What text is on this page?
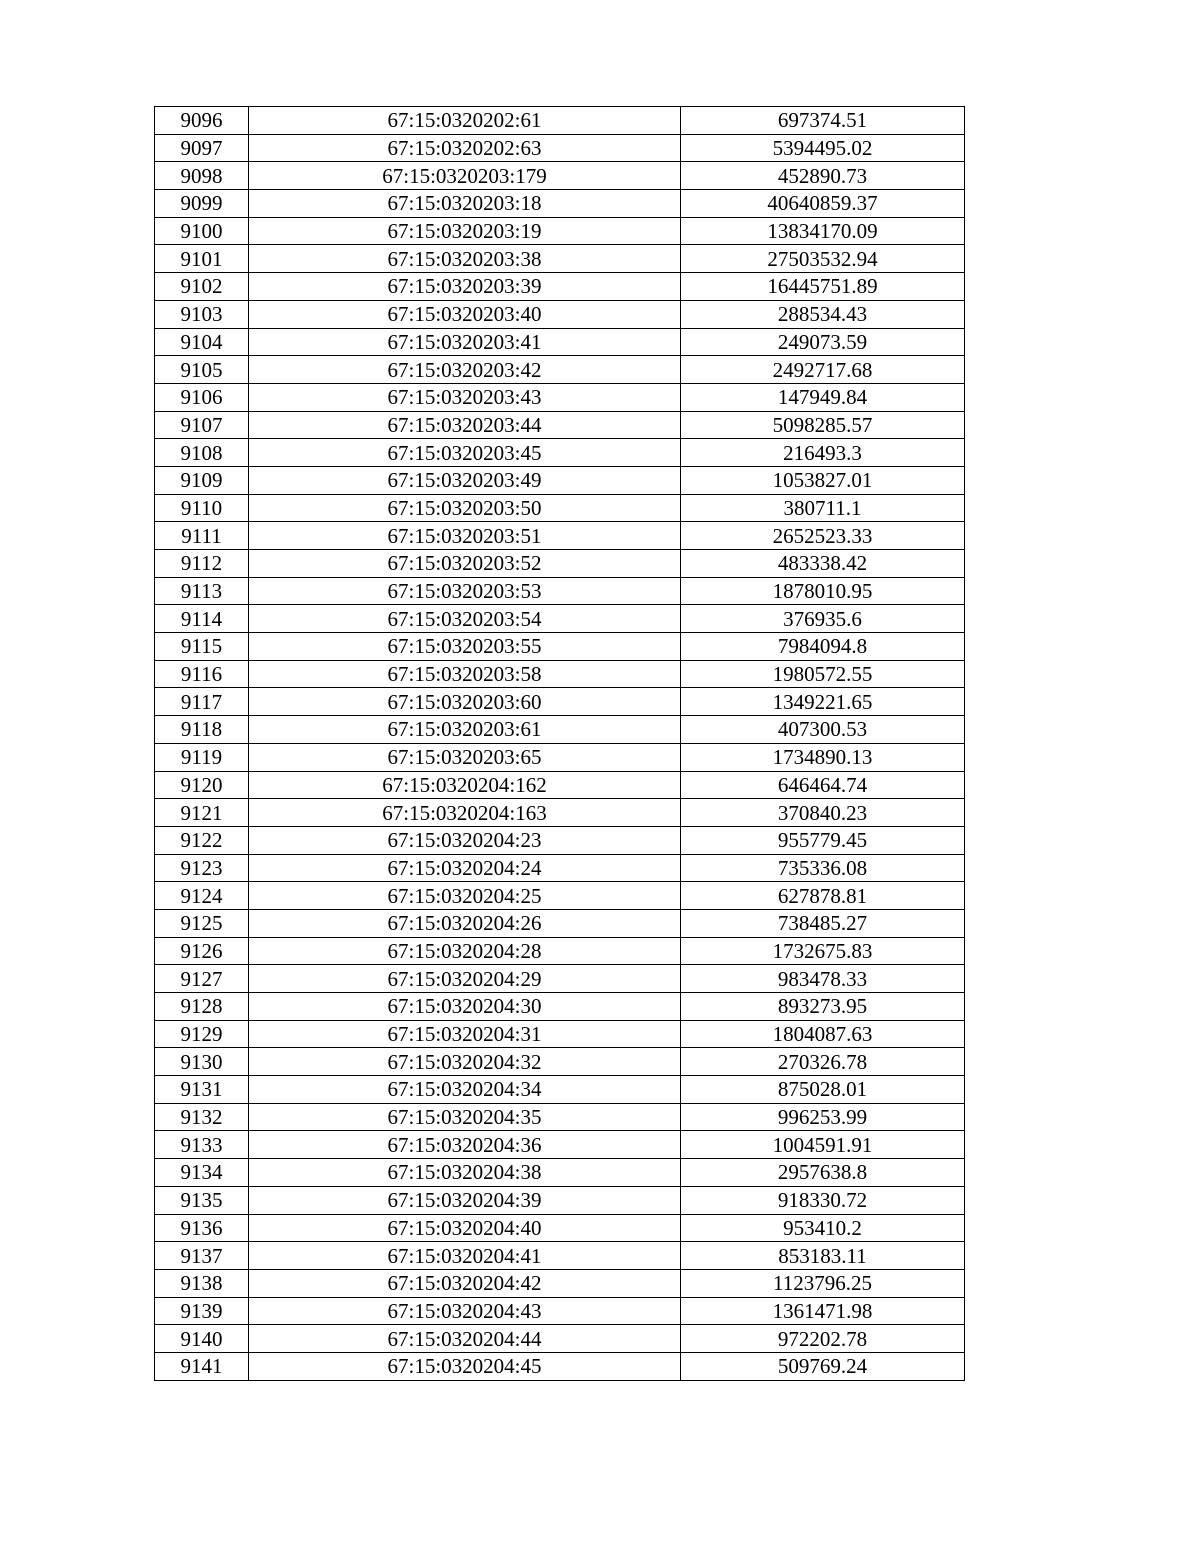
9096	67:15:0320202:61	697374.51
9097	67:15:0320202:63	5394495.02
9098	67:15:0320203:179	452890.73
9099	67:15:0320203:18	40640859.37
9100	67:15:0320203:19	13834170.09
9101	67:15:0320203:38	27503532.94
9102	67:15:0320203:39	16445751.89
9103	67:15:0320203:40	288534.43
9104	67:15:0320203:41	249073.59
9105	67:15:0320203:42	2492717.68
9106	67:15:0320203:43	147949.84
9107	67:15:0320203:44	5098285.57
9108	67:15:0320203:45	216493.3
9109	67:15:0320203:49	1053827.01
9110	67:15:0320203:50	380711.1
9111	67:15:0320203:51	2652523.33
9112	67:15:0320203:52	483338.42
9113	67:15:0320203:53	1878010.95
9114	67:15:0320203:54	376935.6
9115	67:15:0320203:55	7984094.8
9116	67:15:0320203:58	1980572.55
9117	67:15:0320203:60	1349221.65
9118	67:15:0320203:61	407300.53
9119	67:15:0320203:65	1734890.13
9120	67:15:0320204:162	646464.74
9121	67:15:0320204:163	370840.23
9122	67:15:0320204:23	955779.45
9123	67:15:0320204:24	735336.08
9124	67:15:0320204:25	627878.81
9125	67:15:0320204:26	738485.27
9126	67:15:0320204:28	1732675.83
9127	67:15:0320204:29	983478.33
9128	67:15:0320204:30	893273.95
9129	67:15:0320204:31	1804087.63
9130	67:15:0320204:32	270326.78
9131	67:15:0320204:34	875028.01
9132	67:15:0320204:35	996253.99
9133	67:15:0320204:36	1004591.91
9134	67:15:0320204:38	2957638.8
9135	67:15:0320204:39	918330.72
9136	67:15:0320204:40	953410.2
9137	67:15:0320204:41	853183.11
9138	67:15:0320204:42	1123796.25
9139	67:15:0320204:43	1361471.98
9140	67:15:0320204:44	972202.78
9141	67:15:0320204:45	509769.24
